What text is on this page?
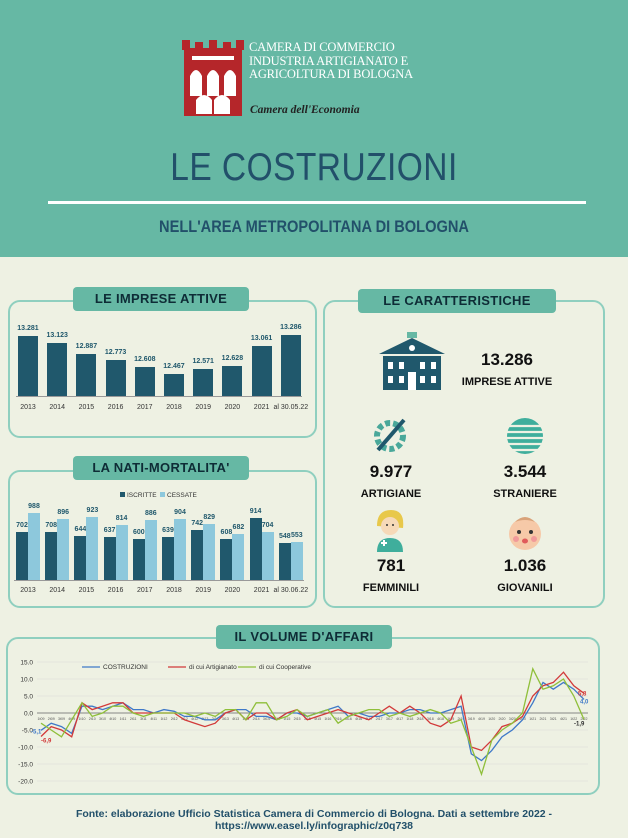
CAMERA DI COMMERCIO
INDUSTRIA ARTIGIANATO E
AGRICOLTURA DI BOLOGNA
Camera dell'Economia
LE COSTRUZIONI
NELL'AREA METROPOLITANA DI BOLOGNA
LE IMPRESE ATTIVE
LA NATI-MORTALITA'
ISCRITTE	CESSATE
LE CARATTERISTICHE
13.286
IMPRESE ATTIVE
9.977
ARTIGIANE
3.544
STRANIERE
781
FEMMINILI
1.036
GIOVANILI
IL VOLUME D'AFFARI
15.0
10.0
5.0
0.0
-5.0
-10.0
-15.0
-20.0
1t09 2t09 3t09 4t09 1t10 2t10 3t10 4t10 1t11 2t11 3t11 4t11 1t12 2t12 3t12 4t12 1t13 2t13 3t13 4t13 1t14 2t14 3t14 4t14 1t15 2t15 3t15 4t15 1t16 2t16 3t16 4t16 1t17 2t17 3t17 4t17 1t18 2t18 3t18 4t18 1t19 2t19 3t19 4t19 1t20 2t20 3t20 4t20 1t21 2t21 3t21 4t21 1t22 2t22
COSTRUZIONI	di cui Artigianato	di cui Cooperative
-5,1
-6,9
5,8
4,0
-1,9
Fonte: elaborazione Ufficio Statistica Camera di Commercio di Bologna. Dati a settembre 2022 - https://www.easel.ly/infographic/z0q738
13.281
2013
13.123
2014
12.887
2015
12.773
2016
12.608
2017
12.467
2018
12.571
2019
12.628
2020
13.061
2021
13.286
al 30.05.22
702
988
2013
708
896
2014
644
923
2015
637
814
2016
600
886
2017
639
904
2018
742
829
2019
608
682
2020
914
704
2021
548 553
al 30.06.22
